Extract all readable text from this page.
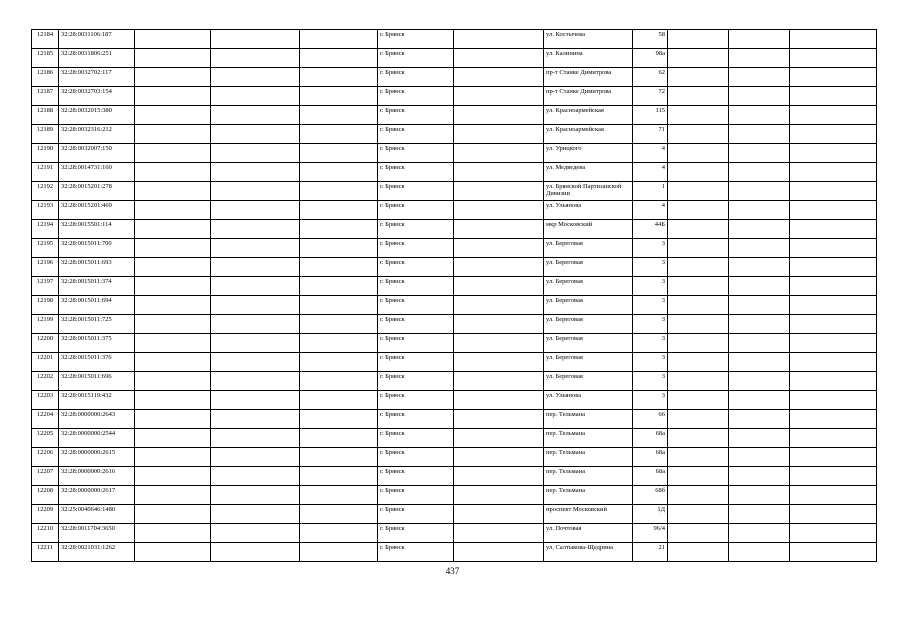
12184	32:28:0031106:187				г. Брянск		ул. Костычева	58			
12185	32:28:0031806:251				г. Брянск		ул. Калинина	98а			
12186	32:28:0032702:117				г. Брянск		пр-т Станке Димитрова	62			
12187	32:28:0032703:154				г. Брянск		пр-т Станке Димитрова	72			
12188	32:28:0032015:380				г. Брянск		ул. Красноармейская	115			
12189	32:28:0032316:212				г. Брянск		ул. Красноармейская	71			
12190	32:28:0032007:150				г. Брянск		ул. Урицкого	4			
12191	32:28:0014731:160				г. Брянск		ул. Медведева	4			
12192	32:28:0015201:278				г. Брянск		ул. Брянской Партизанской Дивизии	1			
12193	32:28:0015201:469				г. Брянск		ул. Ульянова	4			
12194	32:28:0015501:114				г. Брянск		мкр Московский	44Б			
12195	32:28:0015011:700				г. Брянск		ул. Береговая	3			
12196	32:28:0015011:693				г. Брянск		ул. Береговая	3			
12197	32:28:0015011:374				г. Брянск		ул. Береговая	3			
12198	32:28:0015011:694				г. Брянск		ул. Береговая	3			
12199	32:28:0015011:725				г. Брянск		ул. Береговая	3			
12200	32:28:0015011:375				г. Брянск		ул. Береговая	3			
12201	32:28:0015011:376				г. Брянск		ул. Береговая	3			
12202	32:28:0015011:696				г. Брянск		ул. Береговая	3			
12203	32:28:0015119:432				г. Брянск		ул. Ульянова	3			
12204	32:28:0000000:2643				г. Брянск		пер. Тельмана	66			
12205	32:28:0000000:2544				г. Брянск		пер. Тельмана	68а			
12206	32:28:0000000:2615				г. Брянск		пер. Тельмана	68а			
12207	32:28:0000000:2616				г. Брянск		пер. Тельмана	68а			
12208	32:28:0000000:2617				г. Брянск		пер. Тельмана	68б			
12209	32:25:0040646:1480				г. Брянск		проспект Московский	1Д			
12210	32:28:0011704:3650				г. Брянск		ул. Почтовая	96/4			
12211	32:28:0021031:1262				г. Брянск		ул. Салтыкова-Щедрина	21			
437
